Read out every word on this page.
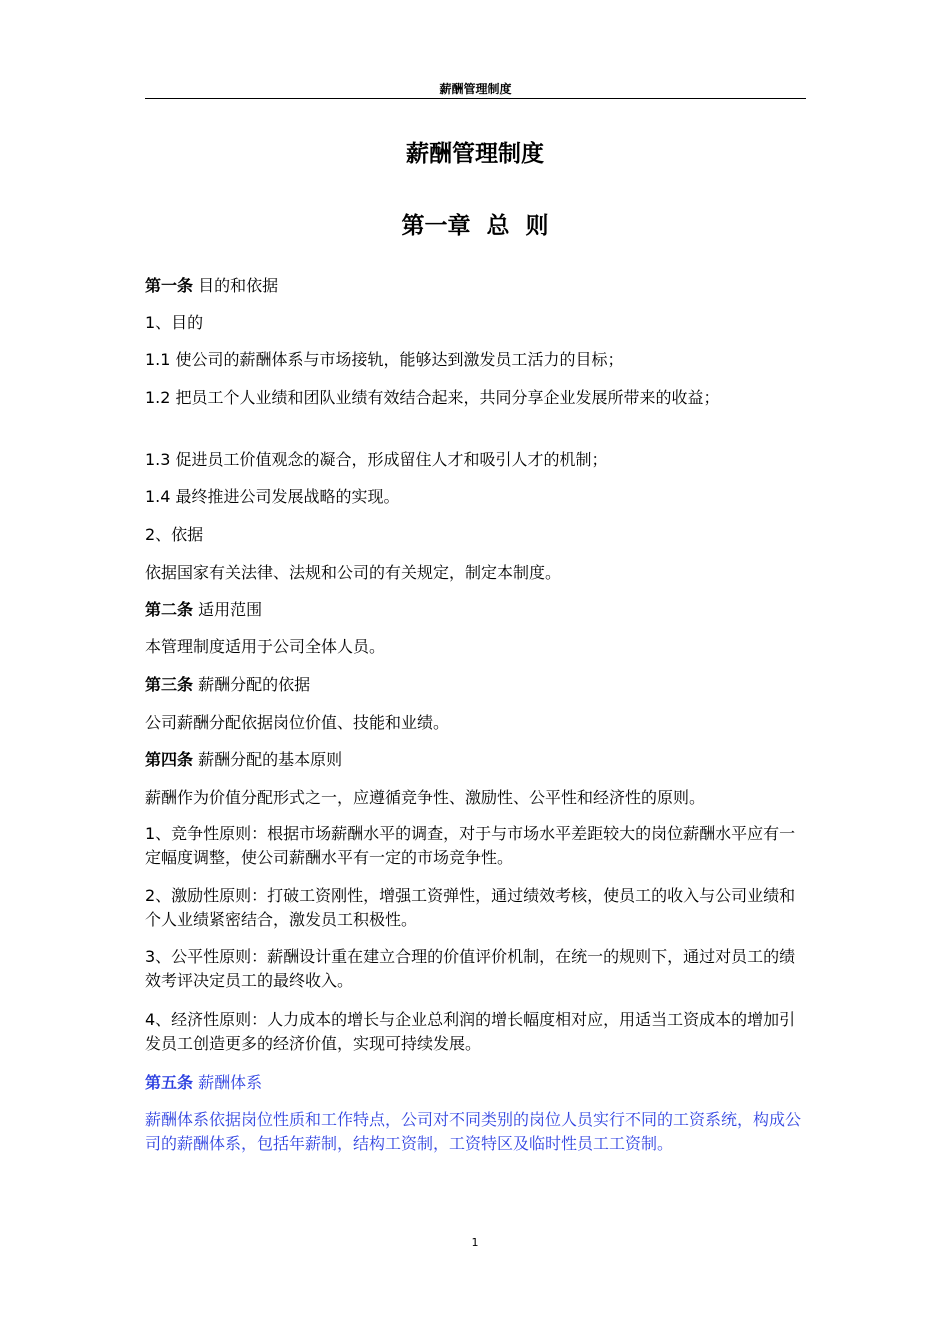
薪酬管理制度
薪酬管理制度
第一章  总  则
第一条 目的和依据
1、目的
1.1 使公司的薪酬体系与市场接轨，能够达到激发员工活力的目标；
1.2 把员工个人业绩和团队业绩有效结合起来，共同分享企业发展所带来的收益；
1.3 促进员工价值观念的凝合，形成留住人才和吸引人才的机制；
1.4 最终推进公司发展战略的实现。
2、依据
依据国家有关法律、法规和公司的有关规定，制定本制度。
第二条 适用范围
本管理制度适用于公司全体人员。
第三条 薪酬分配的依据
公司薪酬分配依据岗位价值、技能和业绩。
第四条 薪酬分配的基本原则
薪酬作为价值分配形式之一，应遵循竞争性、激励性、公平性和经济性的原则。
1、竞争性原则：根据市场薪酬水平的调查，对于与市场水平差距较大的岗位薪酬水平应有一定幅度调整，使公司薪酬水平有一定的市场竞争性。
2、激励性原则：打破工资刚性，增强工资弹性，通过绩效考核，使员工的收入与公司业绩和个人业绩紧密结合，激发员工积极性。
3、公平性原则：薪酬设计重在建立合理的价值评价机制，在统一的规则下，通过对员工的绩效考评决定员工的最终收入。
4、经济性原则：人力成本的增长与企业总利润的增长幅度相对应，用适当工资成本的增加引发员工创造更多的经济价值，实现可持续发展。
第五条 薪酬体系
薪酬体系依据岗位性质和工作特点，公司对不同类别的岗位人员实行不同的工资系统，构成公司的薪酬体系，包括年薪制，结构工资制，工资特区及临时性员工工资制。
1
